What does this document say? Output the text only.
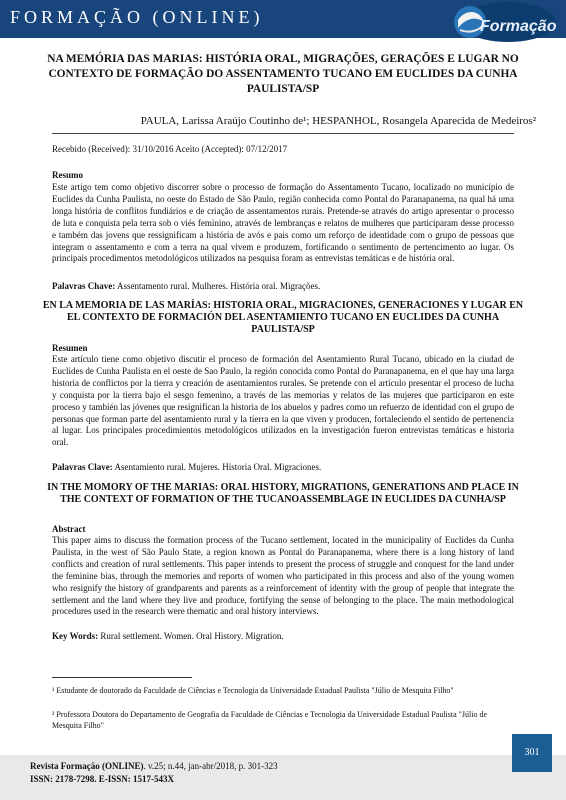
FORMAÇÃO (ONLINE)	Formação
NA MEMÓRIA DAS MARIAS: HISTÓRIA ORAL, MIGRAÇÕES, GERAÇÕES E LUGAR NO CONTEXTO DE FORMAÇÃO DO ASSENTAMENTO TUCANO EM EUCLIDES DA CUNHA PAULISTA/SP
PAULA, Larissa Araújo Coutinho de¹; HESPANHOL, Rosangela Aparecida de Medeiros²
Recebido (Received): 31/10/2016 Aceito (Accepted): 07/12/2017
Resumo
Este artigo tem como objetivo discorrer sobre o processo de formação do Assentamento Tucano, localizado no município de Euclides da Cunha Paulista, no oeste do Estado de São Paulo, região conhecida como Pontal do Paranapanema, na qual há uma longa história de conflitos fundiários e de criação de assentamentos rurais. Pretende-se através do artigo apresentar o processo de luta e conquista pela terra sob o viés feminino, através de lembranças e relatos de mulheres que participaram desse processo e também das jovens que ressignificam a história de avós e pais como um reforço de identidade com o grupo de pessoas que integram o assentamento e com a terra na qual vivem e produzem, fortificando o sentimento de pertencimento ao lugar. Os principais procedimentos metodológicos utilizados na pesquisa foram as entrevistas temáticas e de história oral.
Palavras Chave: Assentamento rural. Mulheres. História oral. Migrações.
EN LA MEMORIA DE LAS MARÍAS: HISTORIA ORAL, MIGRACIONES, GENERACIONES Y LUGAR EN EL CONTEXTO DE FORMACIÓN DEL ASENTAMIENTO TUCANO EN EUCLIDES DA CUNHA PAULISTA/SP
Resumen
Este artículo tiene como objetivo discutir el proceso de formación del Asentamiento Rural Tucano, ubicado en la ciudad de Euclides de Cunha Paulista en el oeste de Sao Paulo, la región conocida como Pontal do Paranapanema, en el que hay una larga historia de conflictos por la tierra y creación de asentamientos rurales. Se pretende con el artículo presentar el proceso de lucha y conquista por la tierra bajo el sesgo femenino, a través de las memorias y relatos de las mujeres que participaron en este proceso y también las jóvenes que resignifican la historia de los abuelos y padres como un refuerzo de identidad con el grupo de personas que forman parte del asentamiento rural y la tierra en la que viven y producen, fortaleciendo el sentido de pertenencia al lugar. Los principales procedimientos metodológicos utilizados en la investigación fueron entrevistas temáticas e historia oral.
Palavras Clave: Asentamiento rural. Mujeres. Historia Oral. Migraciones.
IN THE MOMORY OF THE MARIAS: ORAL HISTORY, MIGRATIONS, GENERATIONS AND PLACE IN THE CONTEXT OF FORMATION OF THE TUCANOASSEMBLAGE IN EUCLIDES DA CUNHA/SP
Abstract
This paper aims to discuss the formation process of the Tucano settlement, located in the municipality of Euclides da Cunha Paulista, in the west of São Paulo State, a region known as Pontal do Paranapanema, where there is a long history of land conflicts and creation of rural settlements. This paper intends to present the process of struggle and conquest for the land under the feminine bias, through the memories and reports of women who participated in this process and also of the young women who resignify the history of grandparents and parents as a reinforcement of identity with the group of people that integrate the settlement and the land where they live and produce, fortifying the sense of belonging to the place. The main methodological procedures used in the research were thematic and oral history interviews.
Key Words: Rural settlement. Women. Oral History. Migration.
¹ Estudante de doutorado da Faculdade de Ciências e Tecnologia da Universidade Estadual Paulista "Júlio de Mesquita Filho"
² Professora Doutora do Departamento de Geografia da Faculdade de Ciências e Tecnologia da Universidade Estadual Paulista "Júlio de Mesquita Filho"
Revista Formação (ONLINE). v.25; n.44, jan-abr/2018, p. 301-323
ISSN: 2178-7298. E-ISSN: 1517-543X
301
